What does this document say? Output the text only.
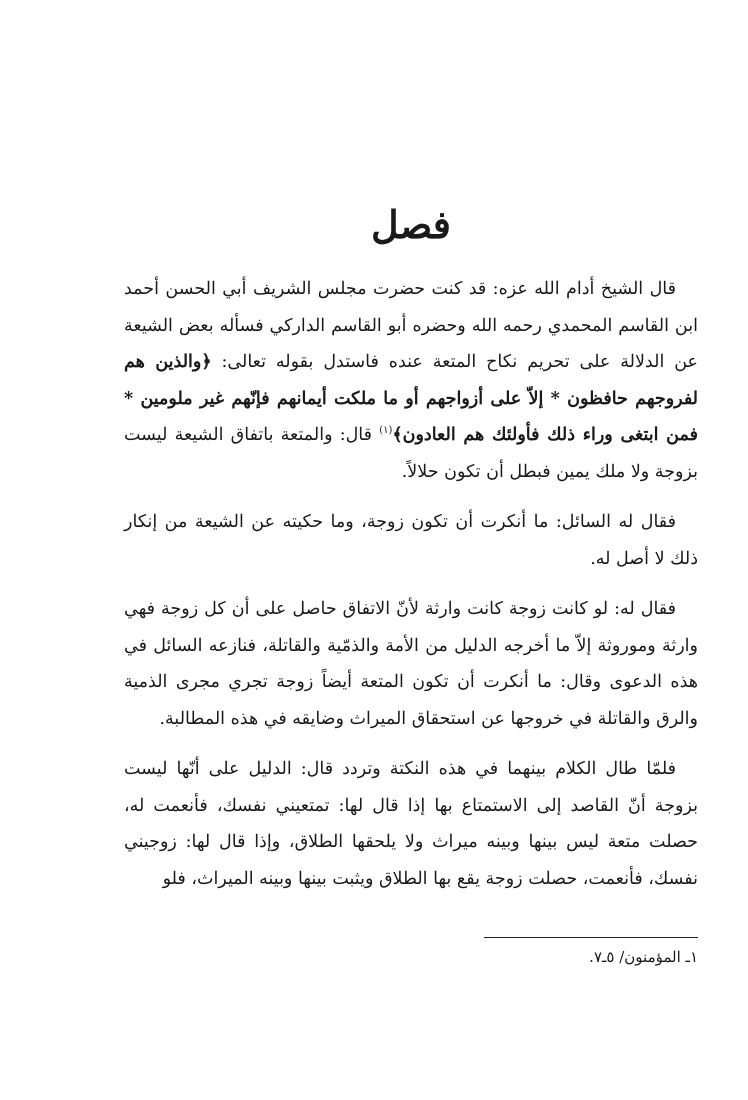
فصل

قال الشيخ أدام الله عزه: قد كنت حضرت مجلس الشريف أبي الحسن أحمد ابن القاسم المحمدي رحمه الله وحضره أبو القاسم الداركي فسأله بعض الشيعة عن الدلالة على تحريم نكاح المتعة عنده فاستدل بقوله تعالى: ﴿والذين هم لفروجهم حافظون * إلاّ على أزواجهم أو ما ملكت أيمانهم فإنّهم غير ملومين * فمن ابتغى وراء ذلك فأولئك هم العادون﴾$^{(١)}$ قال: والمتعة باتفاق الشيعة ليست بزوجة ولا ملك يمين فبطل أن تكون حلالاً.

فقال له السائل: ما أنكرت أن تكون زوجة، وما حكيته عن الشيعة من إنكار ذلك لا أصل له.

فقال له: لو كانت زوجة كانت وارثة لأنّ الاتفاق حاصل على أن كل زوجة فهي وارثة وموروثة إلاّ ما أخرجه الدليل من الأمة والذمّية والقاتلة، فنازعه السائل في هذه الدعوى وقال: ما أنكرت أن تكون المتعة أيضاً زوجة تجري مجرى الذمية والرق والقاتلة في خروجها عن استحقاق الميراث وضايقه في هذه المطالبة.

فلمّا طال الكلام بينهما في هذه النكتة وتردد قال: الدليل على أنّها ليست بزوجة أنّ القاصد إلى الاستمتاع بها إذا قال لها: تمتعيني نفسك، فأنعمت له، حصلت متعة ليس بينها وبينه ميراث ولا يلحقها الطلاق، وإذا قال لها: زوجيني نفسك، فأنعمت، حصلت زوجة يقع بها الطلاق ويثبت بينها وبينه الميراث، فلو

١ـ المؤمنون/ ٥ـ٧.
